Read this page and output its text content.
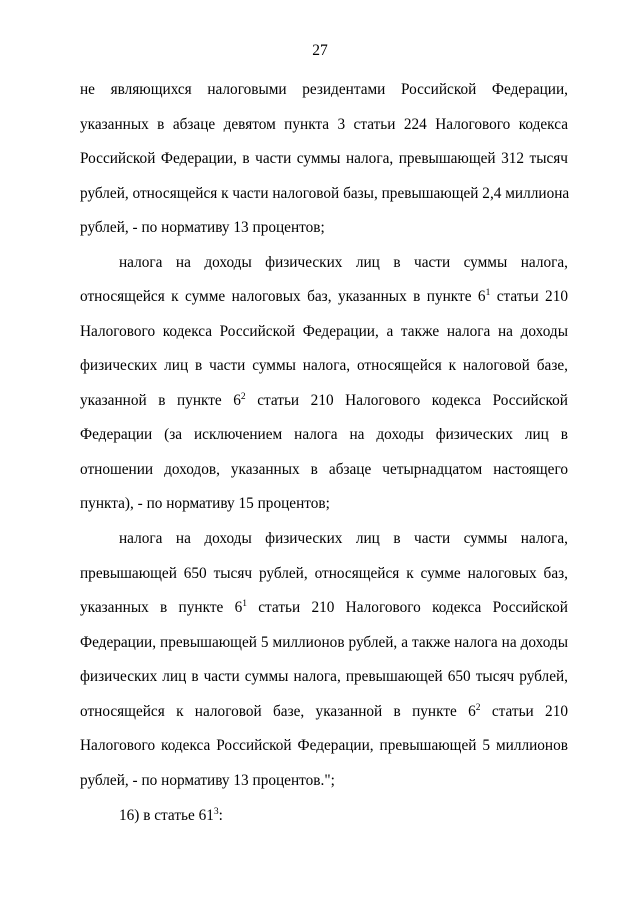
27
не являющихся налоговыми резидентами Российской Федерации,
указанных в абзаце девятом пункта 3 статьи 224 Налогового кодекса
Российской Федерации, в части суммы налога, превышающей 312 тысяч
рублей, относящейся к части налоговой базы, превышающей 2,4 миллиона
рублей, - по нормативу 13 процентов;
налога на доходы физических лиц в части суммы налога,
относящейся к сумме налоговых баз, указанных в пункте $6^1$ статьи 210
Налогового кодекса Российской Федерации, а также налога на доходы
физических лиц в части суммы налога, относящейся к налоговой базе,
указанной в пункте $6^2$ статьи 210 Налогового кодекса Российской
Федерации (за исключением налога на доходы физических лиц в
отношении доходов, указанных в абзаце четырнадцатом настоящего
пункта), - по нормативу 15 процентов;
налога на доходы физических лиц в части суммы налога,
превышающей 650 тысяч рублей, относящейся к сумме налоговых баз,
указанных в пункте $6^1$ статьи 210 Налогового кодекса Российской
Федерации, превышающей 5 миллионов рублей, а также налога на доходы
физических лиц в части суммы налога, превышающей 650 тысяч рублей,
относящейся к налоговой базе, указанной в пункте $6^2$ статьи 210
Налогового кодекса Российской Федерации, превышающей 5 миллионов
рублей, - по нормативу 13 процентов.";
16) в статье $61^3$:
